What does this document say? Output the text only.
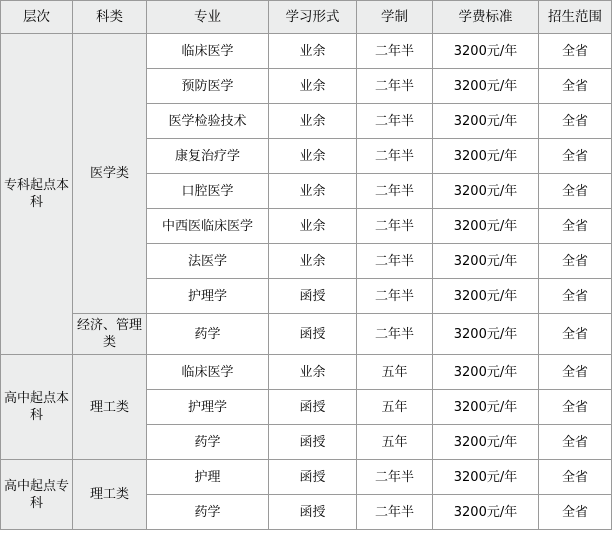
层次	科类	专业	学习形式	学制	学费标准	招生范围
专科起点本科	医学类	临床医学	业余	二年半	3200元/年	全省
		预防医学	业余	二年半	3200元/年	全省
		医学检验技术	业余	二年半	3200元/年	全省
		康复治疗学	业余	二年半	3200元/年	全省
		口腔医学	业余	二年半	3200元/年	全省
		中西医临床医学	业余	二年半	3200元/年	全省
		法医学	业余	二年半	3200元/年	全省
		护理学	函授	二年半	3200元/年	全省
	经济、管理类	药学	函授	二年半	3200元/年	全省
高中起点本科	理工类	临床医学	业余	五年	3200元/年	全省
		护理学	函授	五年	3200元/年	全省
		药学	函授	五年	3200元/年	全省
高中起点专科	理工类	护理	函授	二年半	3200元/年	全省
		药学	函授	二年半	3200元/年	全省
